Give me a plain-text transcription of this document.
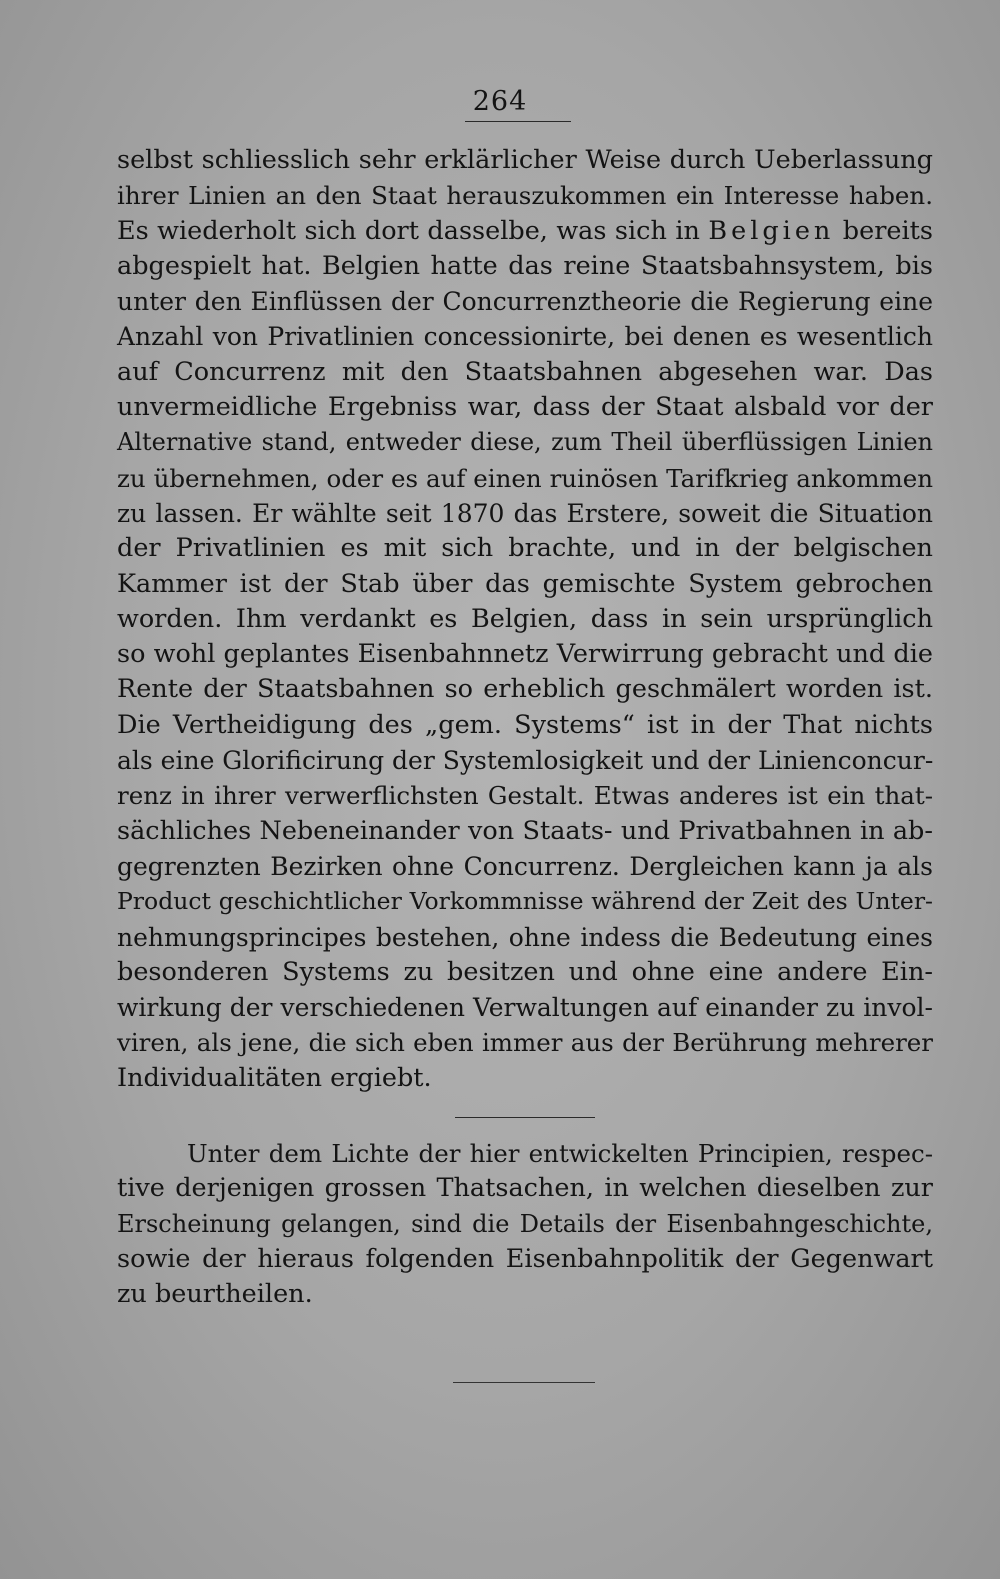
264
selbst schliesslich sehr erklärlicher Weise durch Ueberlassung
ihrer Linien an den Staat herauszukommen ein Interesse haben.
Es wiederholt sich dort dasselbe, was sich in Belgien bereits
abgespielt hat. Belgien hatte das reine Staatsbahnsystem, bis
unter den Einflüssen der Concurrenztheorie die Regierung eine
Anzahl von Privatlinien concessionirte, bei denen es wesentlich
auf Concurrenz mit den Staatsbahnen abgesehen war. Das
unvermeidliche Ergebniss war, dass der Staat alsbald vor der
Alternative stand, entweder diese, zum Theil überflüssigen Linien
zu übernehmen, oder es auf einen ruinösen Tarifkrieg ankommen
zu lassen. Er wählte seit 1870 das Erstere, soweit die Situation
der Privatlinien es mit sich brachte, und in der belgischen
Kammer ist der Stab über das gemischte System gebrochen
worden. Ihm verdankt es Belgien, dass in sein ursprünglich
so wohl geplantes Eisenbahnnetz Verwirrung gebracht und die
Rente der Staatsbahnen so erheblich geschmälert worden ist.
Die Vertheidigung des „gem. Systems“ ist in der That nichts
als eine Glorificirung der Systemlosigkeit und der Linienconcur-
renz in ihrer verwerflichsten Gestalt. Etwas anderes ist ein that-
sächliches Nebeneinander von Staats- und Privatbahnen in ab-
gegrenzten Bezirken ohne Concurrenz. Dergleichen kann ja als
Product geschichtlicher Vorkommnisse während der Zeit des Unter-
nehmungsprincipes bestehen, ohne indess die Bedeutung eines
besonderen Systems zu besitzen und ohne eine andere Ein-
wirkung der verschiedenen Verwaltungen auf einander zu invol-
viren, als jene, die sich eben immer aus der Berührung mehrerer
Individualitäten ergiebt.
Unter dem Lichte der hier entwickelten Principien, respec-
tive derjenigen grossen Thatsachen, in welchen dieselben zur
Erscheinung gelangen, sind die Details der Eisenbahngeschichte,
sowie der hieraus folgenden Eisenbahnpolitik der Gegenwart
zu beurtheilen.
